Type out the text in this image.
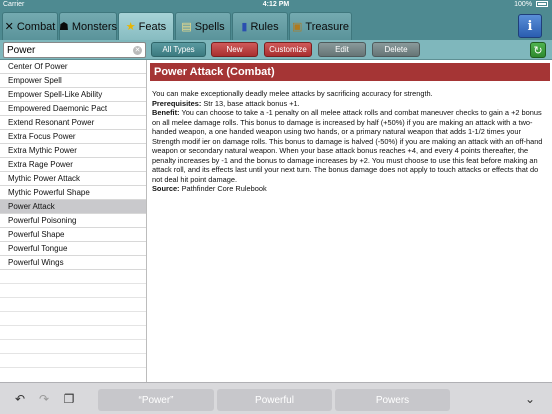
Carrier	4:12 PM	100%
✕ Combat ☗ Monsters ★ Feats ▤ Spells ▮ Rules ▣ Treasure	i
Power
✕	All Types	New	Customize	Edit	Delete	↻
Center Of Power
Empower Spell
Empower Spell-Like Ability
Empowered Daemonic Pact
Extend Resonant Power
Extra Focus Power
Extra Mythic Power
Extra Rage Power
Mythic Power Attack
Mythic Powerful Shape
Power Attack
Powerful Poisoning
Powerful Shape
Powerful Tongue
Powerful Wings
Power Attack (Combat)
You can make exceptionally deadly melee attacks by sacrificing accuracy for strength.
Prerequisites: Str 13, base attack bonus +1.
Benefit: You can choose to take a -1 penalty on all melee attack rolls and combat maneuver checks to gain a +2 bonus on all melee damage rolls. This bonus to damage is increased by half (+50%) if you are making an attack with a two-handed weapon, a one handed weapon using two hands, or a primary natural weapon that adds 1-1/2 times your Strength modif ier on damage rolls. This bonus to damage is halved (-50%) if you are making an attack with an off-hand weapon or secondary natural weapon. When your base attack bonus reaches +4, and every 4 points thereafter, the penalty increases by -1 and the bonus to damage increases by +2. You must choose to use this feat before making an attack roll, and its effects last until your next turn. The bonus damage does not apply to touch attacks or effects that do not deal hit point damage.
Source: Pathfinder Core Rulebook
↶ ↷ ❐	“Power”	Powerful	Powers	⌄
